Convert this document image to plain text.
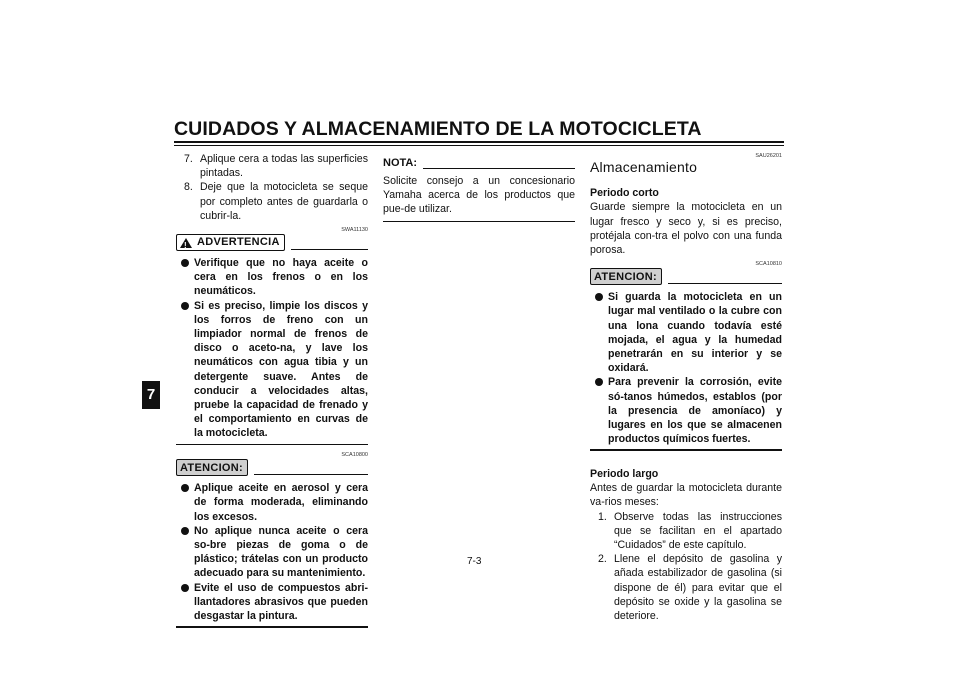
CUIDADOS Y ALMACENAMIENTO DE LA MOTOCICLETA
7
7. Aplique cera a todas las superficies pintadas.
8. Deje que la motocicleta se seque por completo antes de guardarla o cubrir-la.
SWA11130
!
ADVERTENCIA
Verifique que no haya aceite o cera en los frenos o en los neumáticos.
Si es preciso, limpie los discos y los forros de freno con un limpiador normal de frenos de disco o aceto-na, y lave los neumáticos con agua tibia y un detergente suave. Antes de conducir a velocidades altas, pruebe la capacidad de frenado y el comportamiento en curvas de la motocicleta.
SCA10800
ATENCION:
Aplique aceite en aerosol y cera de forma moderada, eliminando los excesos.
No aplique nunca aceite o cera so-bre piezas de goma o de plástico; trátelas con un producto adecuado para su mantenimiento.
Evite el uso de compuestos abri-llantadores abrasivos que pueden desgastar la pintura.
NOTA:
Solicite consejo a un concesionario Yamaha acerca de los productos que pue-de utilizar.
SAU26201
Almacenamiento
Periodo corto
Guarde siempre la motocicleta en un lugar fresco y seco y, si es preciso, protéjala con-tra el polvo con una funda porosa.
SCA10810
ATENCION:
Si guarda la motocicleta en un lugar mal ventilado o la cubre con una lona cuando todavía esté mojada, el agua y la humedad penetrarán en su interior y se oxidará.
Para prevenir la corrosión, evite só-tanos húmedos, establos (por la presencia de amoníaco) y lugares en los que se almacenen productos químicos fuertes.
Periodo largo
Antes de guardar la motocicleta durante va-rios meses:
1. Observe todas las instrucciones que se facilitan en el apartado “Cuidados” de este capítulo.
2. Llene el depósito de gasolina y añada estabilizador de gasolina (si dispone de él) para evitar que el depósito se oxide y la gasolina se deteriore.
7-3
